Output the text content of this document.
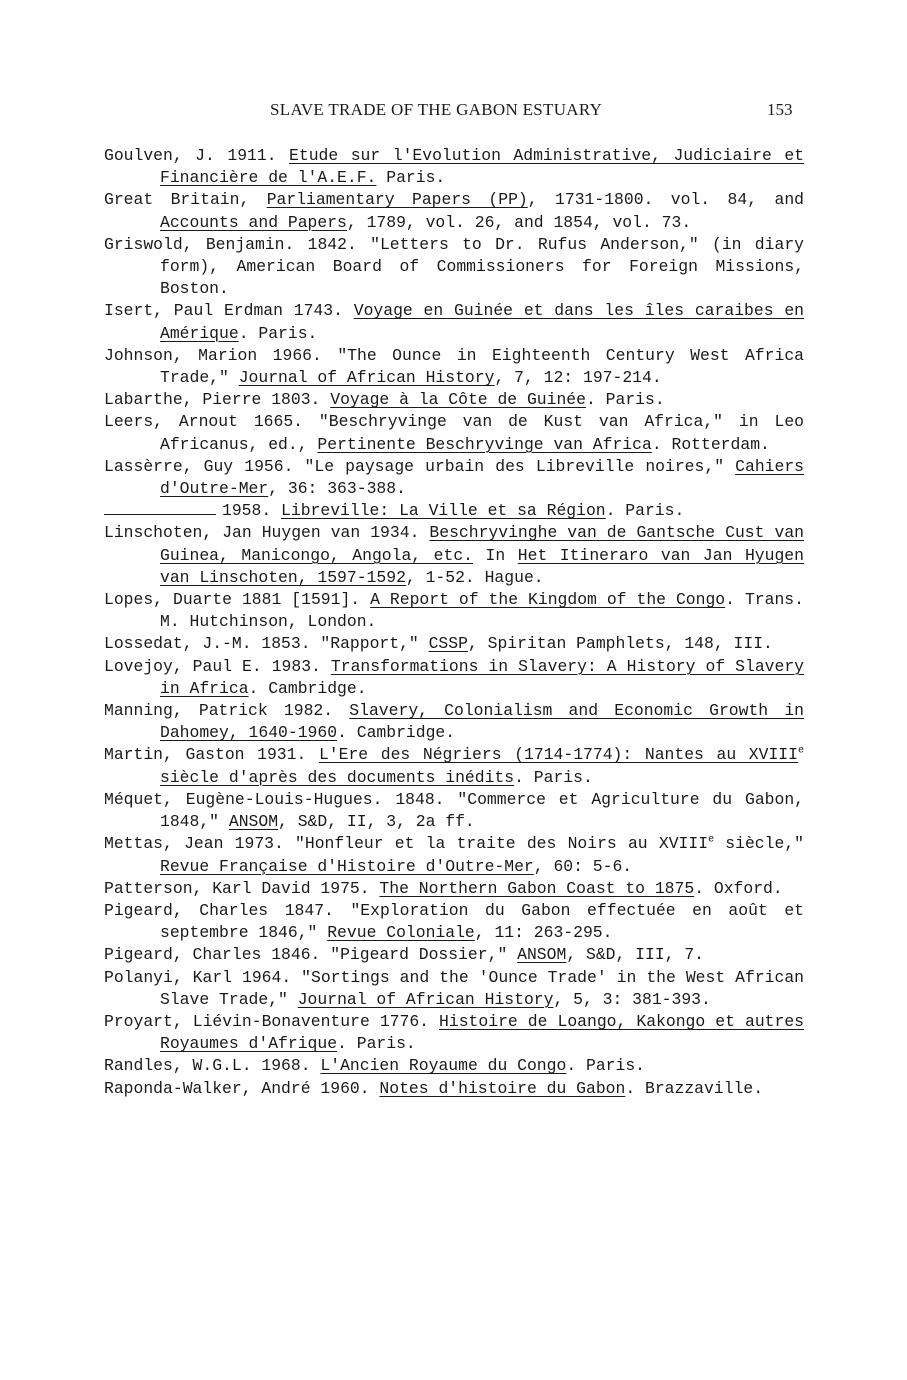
SLAVE TRADE OF THE GABON ESTUARY	153
Goulven, J. 1911. Etude sur l'Evolution Administrative, Judiciaire et Financière de l'A.E.F. Paris.
Great Britain, Parliamentary Papers (PP), 1731-1800. vol. 84, and Accounts and Papers, 1789, vol. 26, and 1854, vol. 73.
Griswold, Benjamin. 1842. "Letters to Dr. Rufus Anderson," (in diary form), American Board of Commissioners for Foreign Missions, Boston.
Isert, Paul Erdman 1743. Voyage en Guinée et dans les îles caraibes en Amérique. Paris.
Johnson, Marion 1966. "The Ounce in Eighteenth Century West Africa Trade," Journal of African History, 7, 12: 197-214.
Labarthe, Pierre 1803. Voyage à la Côte de Guinée. Paris.
Leers, Arnout 1665. "Beschryvinge van de Kust van Africa," in Leo Africanus, ed., Pertinente Beschryvinge van Africa. Rotterdam.
Lassèrre, Guy 1956. "Le paysage urbain des Libreville noires," Cahiers d'Outre-Mer, 36: 363-388.
1958. Libreville: La Ville et sa Région. Paris.
Linschoten, Jan Huygen van 1934. Beschryvinghe van de Gantsche Cust van Guinea, Manicongo, Angola, etc. In Het Itineraro van Jan Hyugen van Linschoten, 1597-1592, 1-52. Hague.
Lopes, Duarte 1881 [1591]. A Report of the Kingdom of the Congo. Trans. M. Hutchinson, London.
Lossedat, J.-M. 1853. "Rapport," CSSP, Spiritan Pamphlets, 148, III.
Lovejoy, Paul E. 1983. Transformations in Slavery: A History of Slavery in Africa. Cambridge.
Manning, Patrick 1982. Slavery, Colonialism and Economic Growth in Dahomey, 1640-1960. Cambridge.
Martin, Gaston 1931. L'Ere des Négriers (1714-1774): Nantes au XVIIIe siècle d'après des documents inédits. Paris.
Méquet, Eugène-Louis-Hugues. 1848. "Commerce et Agriculture du Gabon, 1848," ANSOM, S&D, II, 3, 2a ff.
Mettas, Jean 1973. "Honfleur et la traite des Noirs au XVIIIe siècle," Revue Française d'Histoire d'Outre-Mer, 60: 5-6.
Patterson, Karl David 1975. The Northern Gabon Coast to 1875. Oxford.
Pigeard, Charles 1847. "Exploration du Gabon effectuée en août et septembre 1846," Revue Coloniale, 11: 263-295.
Pigeard, Charles 1846. "Pigeard Dossier," ANSOM, S&D, III, 7.
Polanyi, Karl 1964. "Sortings and the 'Ounce Trade' in the West African Slave Trade," Journal of African History, 5, 3: 381-393.
Proyart, Liévin-Bonaventure 1776. Histoire de Loango, Kakongo et autres Royaumes d'Afrique. Paris.
Randles, W.G.L. 1968. L'Ancien Royaume du Congo. Paris.
Raponda-Walker, André 1960. Notes d'histoire du Gabon. Brazzaville.
